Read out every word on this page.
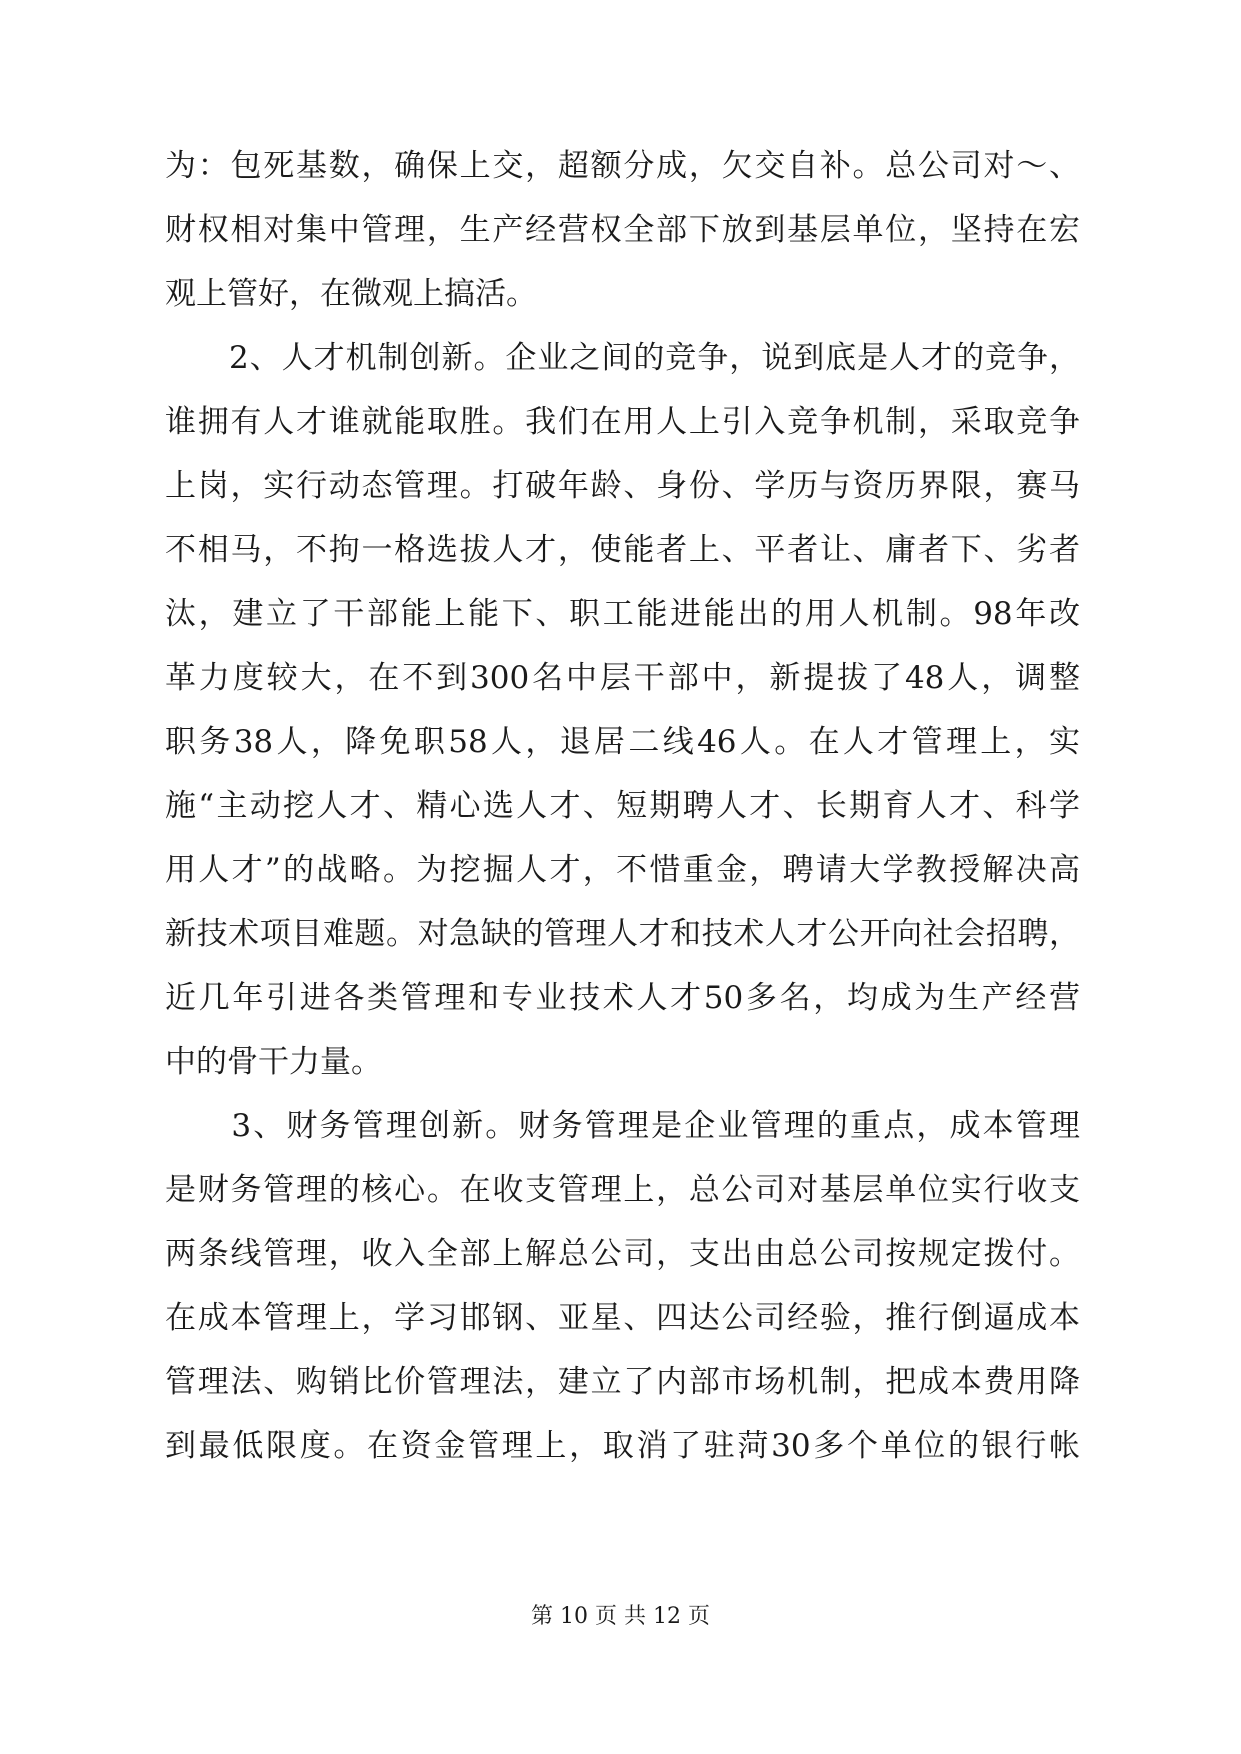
为：包死基数，确保上交，超额分成，欠交自补。总公司对～、
财权相对集中管理，生产经营权全部下放到基层单位，坚持在宏
观上管好，在微观上搞活。
　　2、人才机制创新。企业之间的竞争，说到底是人才的竞争，
谁拥有人才谁就能取胜。我们在用人上引入竞争机制，采取竞争
上岗，实行动态管理。打破年龄、身份、学历与资历界限，赛马
不相马，不拘一格选拔人才，使能者上、平者让、庸者下、劣者
汰，建立了干部能上能下、职工能进能出的用人机制。98年改
革力度较大，在不到300名中层干部中，新提拔了48人，调整
职务38人，降免职58人，退居二线46人。在人才管理上，实
施“主动挖人才、精心选人才、短期聘人才、长期育人才、科学
用人才”的战略。为挖掘人才，不惜重金，聘请大学教授解决高
新技术项目难题。对急缺的管理人才和技术人才公开向社会招聘，
近几年引进各类管理和专业技术人才50多名，均成为生产经营
中的骨干力量。
　　3、财务管理创新。财务管理是企业管理的重点，成本管理
是财务管理的核心。在收支管理上，总公司对基层单位实行收支
两条线管理，收入全部上解总公司，支出由总公司按规定拨付。
在成本管理上，学习邯钢、亚星、四达公司经验，推行倒逼成本
管理法、购销比价管理法，建立了内部市场机制，把成本费用降
到最低限度。在资金管理上，取消了驻菏30多个单位的银行帐
第 10 页 共 12 页
